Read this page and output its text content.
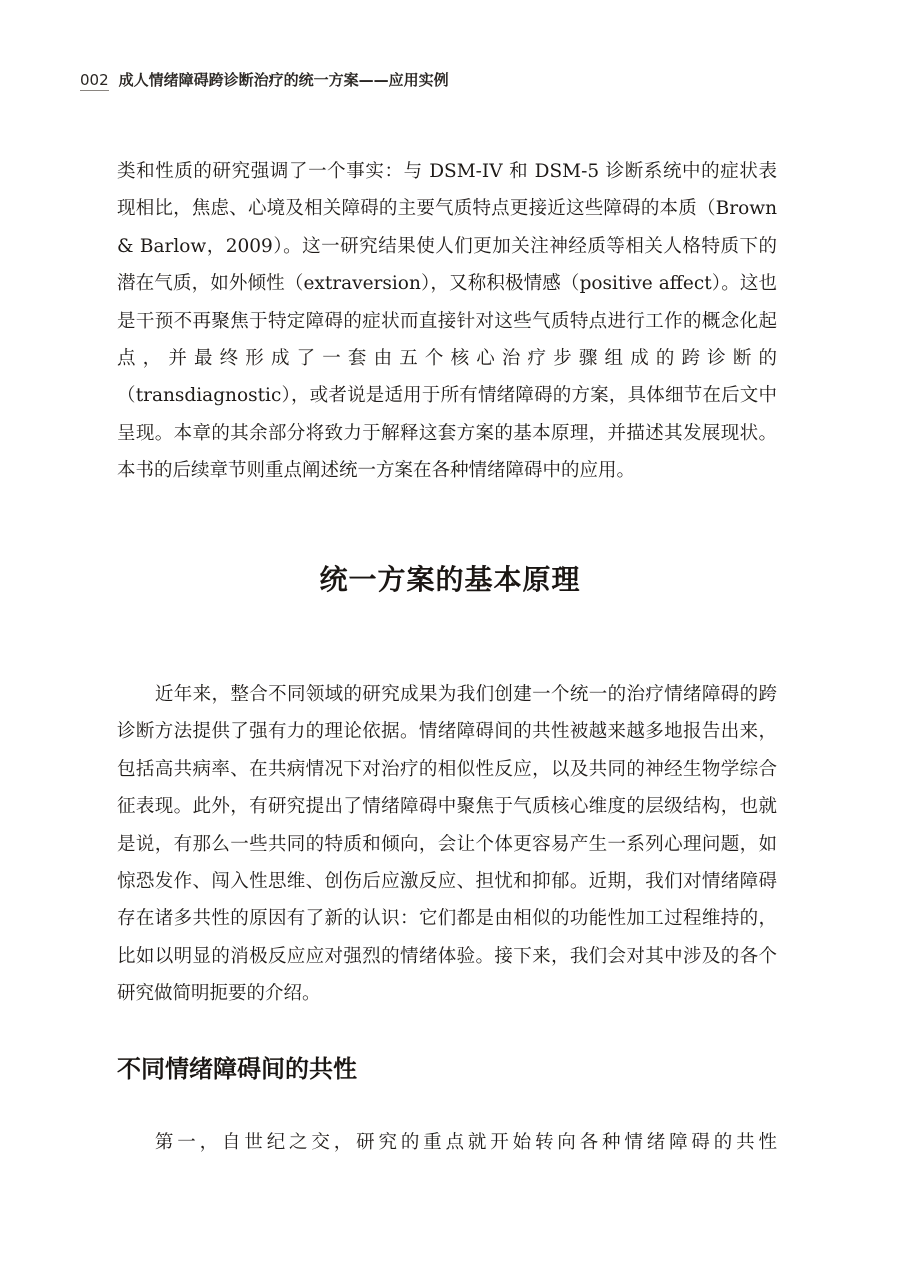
002 成人情绪障碍跨诊断治疗的统一方案——应用实例

类和性质的研究强调了一个事实：与 DSM-IV 和 DSM-5 诊断系统中的症状表现相比，焦虑、心境及相关障碍的主要气质特点更接近这些障碍的本质（Brown & Barlow，2009）。这一研究结果使人们更加关注神经质等相关人格特质下的潜在气质，如外倾性（extraversion），又称积极情感（positive affect）。这也是干预不再聚焦于特定障碍的症状而直接针对这些气质特点进行工作的概念化起点，并最终形成了一套由五个核心治疗步骤组成的跨诊断的（transdiagnostic），或者说是适用于所有情绪障碍的方案，具体细节在后文中呈现。本章的其余部分将致力于解释这套方案的基本原理，并描述其发展现状。本书的后续章节则重点阐述统一方案在各种情绪障碍中的应用。

统一方案的基本原理

近年来，整合不同领域的研究成果为我们创建一个统一的治疗情绪障碍的跨诊断方法提供了强有力的理论依据。情绪障碍间的共性被越来越多地报告出来，包括高共病率、在共病情况下对治疗的相似性反应，以及共同的神经生物学综合征表现。此外，有研究提出了情绪障碍中聚焦于气质核心维度的层级结构，也就是说，有那么一些共同的特质和倾向，会让个体更容易产生一系列心理问题，如惊恐发作、闯入性思维、创伤后应激反应、担忧和抑郁。近期，我们对情绪障碍存在诸多共性的原因有了新的认识：它们都是由相似的功能性加工过程维持的，比如以明显的消极反应应对强烈的情绪体验。接下来，我们会对其中涉及的各个研究做简明扼要的介绍。

不同情绪障碍间的共性

第一，自世纪之交，研究的重点就开始转向各种情绪障碍的共性
